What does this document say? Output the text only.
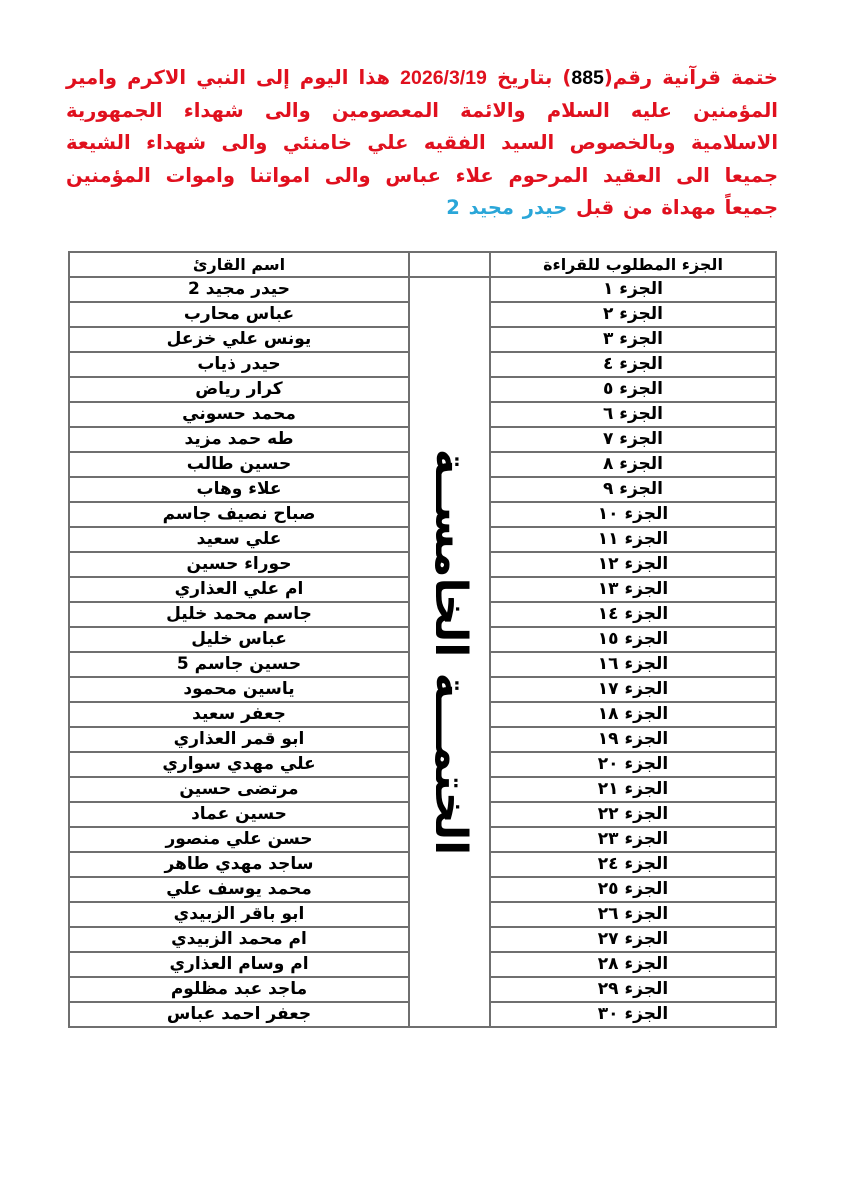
ختمة قرآنية رقم(885) بتاريخ 2026/3/19 هذا اليوم إلى النبي الاكرم وامير المؤمنين عليه السلام والائمة المعصومين والى شهداء الجمهورية الاسلامية وبالخصوص السيد الفقيه علي خامنئي والى شهداء الشيعة جميعا الى العقيد المرحوم علاء عباس والى امواتنا واموات المؤمنين جميعاً مهداة من قبل حيدر مجيد 2
الجزء المطلوب للقراءة		اسم القارئ
الجزء ١	الختمـــة الخامســة	حيدر مجيد 2
الجزء ٢		عباس محارب
الجزء ٣		يونس علي خزعل
الجزء ٤		حيدر ذياب
الجزء ٥		كرار رياض
الجزء ٦		محمد حسوني
الجزء ٧		طه حمد مزيد
الجزء ٨		حسين طالب
الجزء ٩		علاء وهاب
الجزء ١٠		صباح نصيف جاسم
الجزء ١١		علي سعيد
الجزء ١٢		حوراء حسين
الجزء ١٣		ام علي العذاري
الجزء ١٤		جاسم محمد خليل
الجزء ١٥		عباس خليل
الجزء ١٦		حسين جاسم 5
الجزء ١٧		ياسين محمود
الجزء ١٨		جعفر سعيد
الجزء ١٩		ابو قمر العذاري
الجزء ٢٠		علي مهدي سواري
الجزء ٢١		مرتضى حسين
الجزء ٢٢		حسين عماد
الجزء ٢٣		حسن علي منصور
الجزء ٢٤		ساجد مهدي طاهر
الجزء ٢٥		محمد يوسف علي
الجزء ٢٦		ابو باقر الزبيدي
الجزء ٢٧		ام محمد الزبيدي
الجزء ٢٨		ام وسام العذاري
الجزء ٢٩		ماجد عبد مظلوم
الجزء ٣٠		جعفر احمد عباس
